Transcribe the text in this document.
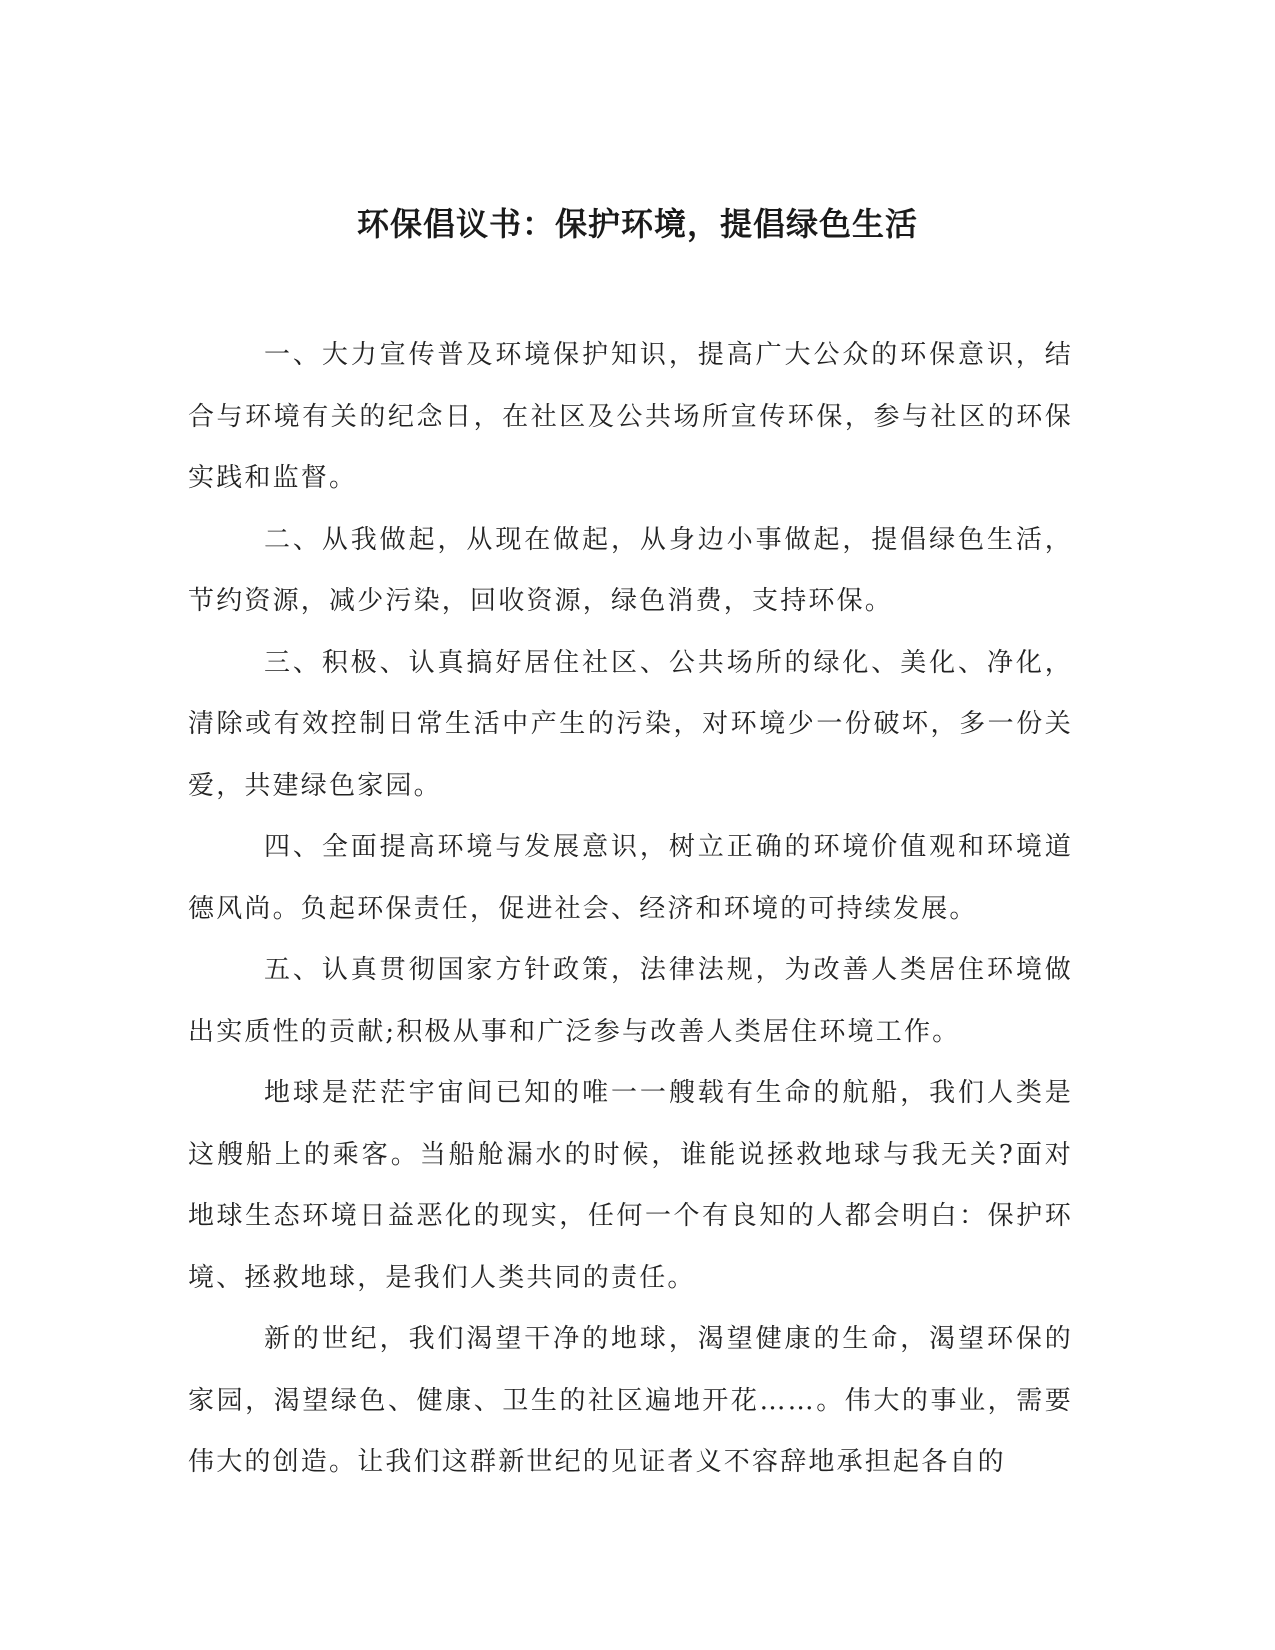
环保倡议书：保护环境，提倡绿色生活

一、大力宣传普及环境保护知识，提高广大公众的环保意识，结合与环境有关的纪念日，在社区及公共场所宣传环保，参与社区的环保实践和监督。

二、从我做起，从现在做起，从身边小事做起，提倡绿色生活，节约资源，减少污染，回收资源，绿色消费，支持环保。

三、积极、认真搞好居住社区、公共场所的绿化、美化、净化，清除或有效控制日常生活中产生的污染，对环境少一份破坏，多一份关爱，共建绿色家园。

四、全面提高环境与发展意识，树立正确的环境价值观和环境道德风尚。负起环保责任，促进社会、经济和环境的可持续发展。

五、认真贯彻国家方针政策，法律法规，为改善人类居住环境做出实质性的贡献;积极从事和广泛参与改善人类居住环境工作。

地球是茫茫宇宙间已知的唯一一艘载有生命的航船，我们人类是这艘船上的乘客。当船舱漏水的时候，谁能说拯救地球与我无关?面对地球生态环境日益恶化的现实，任何一个有良知的人都会明白：保护环境、拯救地球，是我们人类共同的责任。

新的世纪，我们渴望干净的地球，渴望健康的生命，渴望环保的家园，渴望绿色、健康、卫生的社区遍地开花……。伟大的事业，需要伟大的创造。让我们这群新世纪的见证者义不容辞地承担起各自的
